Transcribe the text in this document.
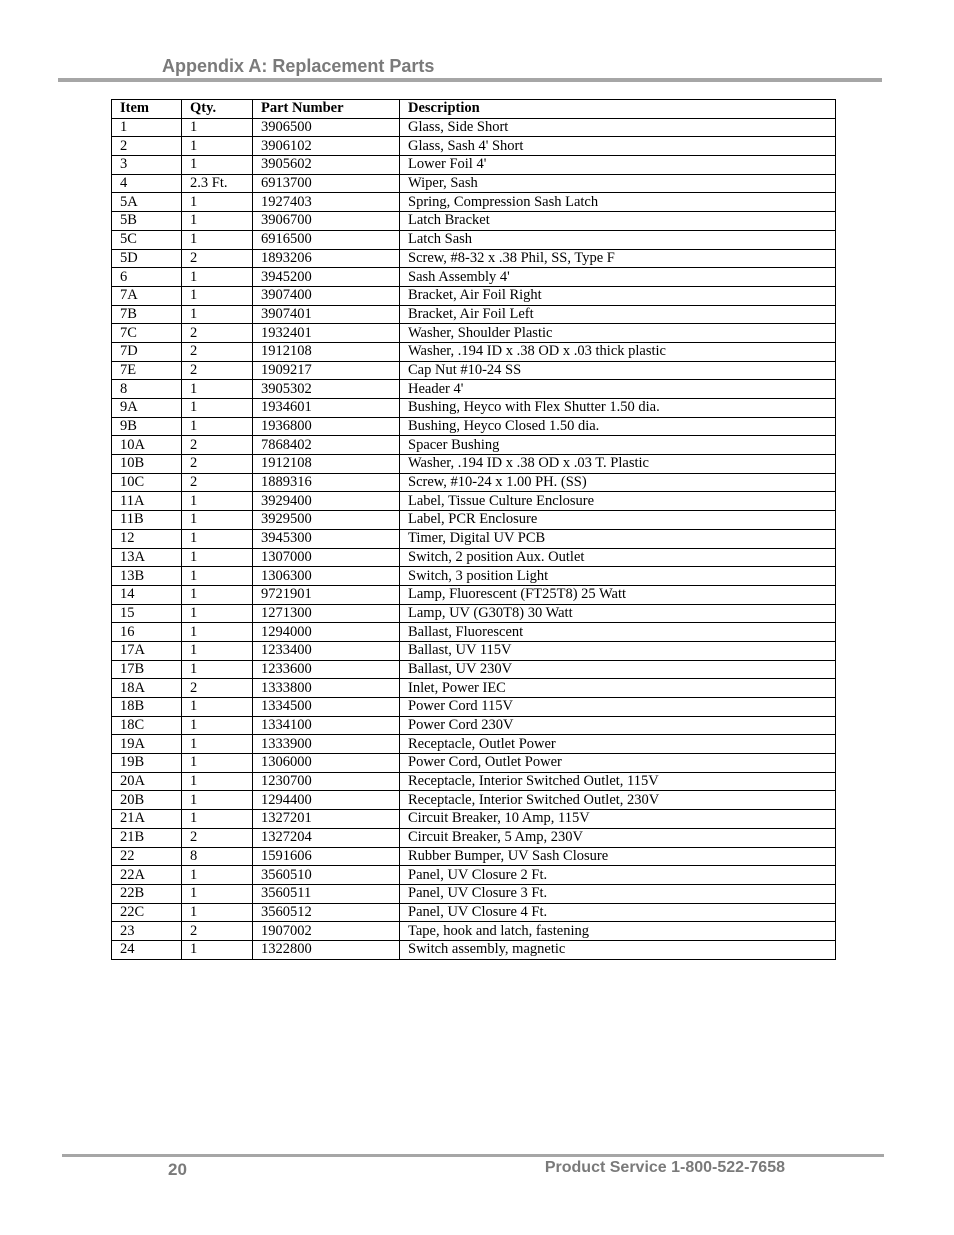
Appendix A: Replacement Parts
Item	Qty.	Part Number	Description
1	1	3906500	Glass, Side Short
2	1	3906102	Glass, Sash 4' Short
3	1	3905602	Lower Foil 4'
4	2.3 Ft.	6913700	Wiper, Sash
5A	1	1927403	Spring, Compression Sash Latch
5B	1	3906700	Latch Bracket
5C	1	6916500	Latch Sash
5D	2	1893206	Screw, #8-32 x .38 Phil, SS, Type F
6	1	3945200	Sash Assembly 4'
7A	1	3907400	Bracket, Air Foil Right
7B	1	3907401	Bracket, Air Foil Left
7C	2	1932401	Washer, Shoulder Plastic
7D	2	1912108	Washer, .194 ID x .38 OD x .03 thick plastic
7E	2	1909217	Cap Nut #10-24 SS
8	1	3905302	Header 4'
9A	1	1934601	Bushing, Heyco with Flex Shutter 1.50 dia.
9B	1	1936800	Bushing, Heyco Closed 1.50 dia.
10A	2	7868402	Spacer Bushing
10B	2	1912108	Washer, .194 ID x .38 OD x .03 T. Plastic
10C	2	1889316	Screw, #10-24 x 1.00 PH. (SS)
11A	1	3929400	Label, Tissue Culture Enclosure
11B	1	3929500	Label, PCR Enclosure
12	1	3945300	Timer, Digital UV PCB
13A	1	1307000	Switch, 2 position Aux. Outlet
13B	1	1306300	Switch, 3 position Light
14	1	9721901	Lamp, Fluorescent (FT25T8) 25 Watt
15	1	1271300	Lamp, UV (G30T8) 30 Watt
16	1	1294000	Ballast, Fluorescent
17A	1	1233400	Ballast, UV 115V
17B	1	1233600	Ballast, UV 230V
18A	2	1333800	Inlet, Power IEC
18B	1	1334500	Power Cord 115V
18C	1	1334100	Power Cord 230V
19A	1	1333900	Receptacle, Outlet Power
19B	1	1306000	Power Cord, Outlet Power
20A	1	1230700	Receptacle, Interior Switched Outlet, 115V
20B	1	1294400	Receptacle, Interior Switched Outlet, 230V
21A	1	1327201	Circuit Breaker, 10 Amp, 115V
21B	2	1327204	Circuit Breaker, 5 Amp, 230V
22	8	1591606	Rubber Bumper, UV Sash Closure
22A	1	3560510	Panel, UV Closure 2 Ft.
22B	1	3560511	Panel, UV Closure 3 Ft.
22C	1	3560512	Panel, UV Closure 4 Ft.
23	2	1907002	Tape, hook and latch, fastening
24	1	1322800	Switch assembly, magnetic
20	Product Service 1-800-522-7658
